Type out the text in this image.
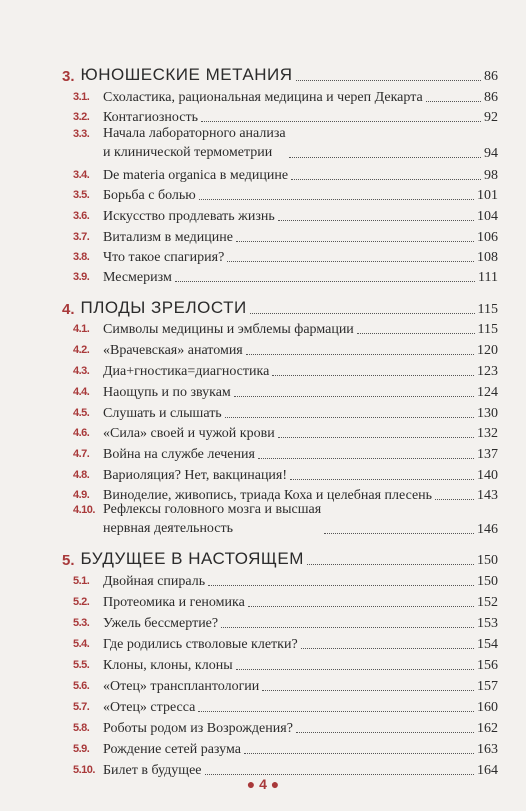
3. ЮНОШЕСКИЕ МЕТАНИЯ	86
3.1. Схоластика, рациональная медицина и череп Декарта	86
3.2. Контагиозность	92
3.3. Начала лабораторного анализа
и клинической термометрии	94
3.4. De materia organica в медицине	98
3.5. Борьба с болью	101
3.6. Искусство продлевать жизнь	104
3.7. Витализм в медицине	106
3.8. Что такое спагирия?	108
3.9. Месмеризм	111
4. ПЛОДЫ ЗРЕЛОСТИ	115
4.1. Символы медицины и эмблемы фармации	115
4.2. «Врачевская» анатомия	120
4.3. Диа+гностика=диагностика	123
4.4. Наощупь и по звукам	124
4.5. Слушать и слышать	130
4.6. «Сила» своей и чужой крови	132
4.7. Война на службе лечения	137
4.8. Вариоляция? Нет, вакцинация!	140
4.9. Виноделие, живопись, триада Коха и целебная плесень	143
4.10. Рефлексы головного мозга и высшая
нервная деятельность	146
5. БУДУЩЕЕ В НАСТОЯЩЕМ	150
5.1. Двойная спираль	150
5.2. Протеомика и геномика	152
5.3. Ужель бессмертие?	153
5.4. Где родились стволовые клетки?	154
5.5. Клоны, клоны, клоны	156
5.6. «Отец» трансплантологии	157
5.7. «Отец» стресса	160
5.8. Роботы родом из Возрождения?	162
5.9. Рождение сетей разума	163
5.10. Билет в будущее	164
● 4 ●
